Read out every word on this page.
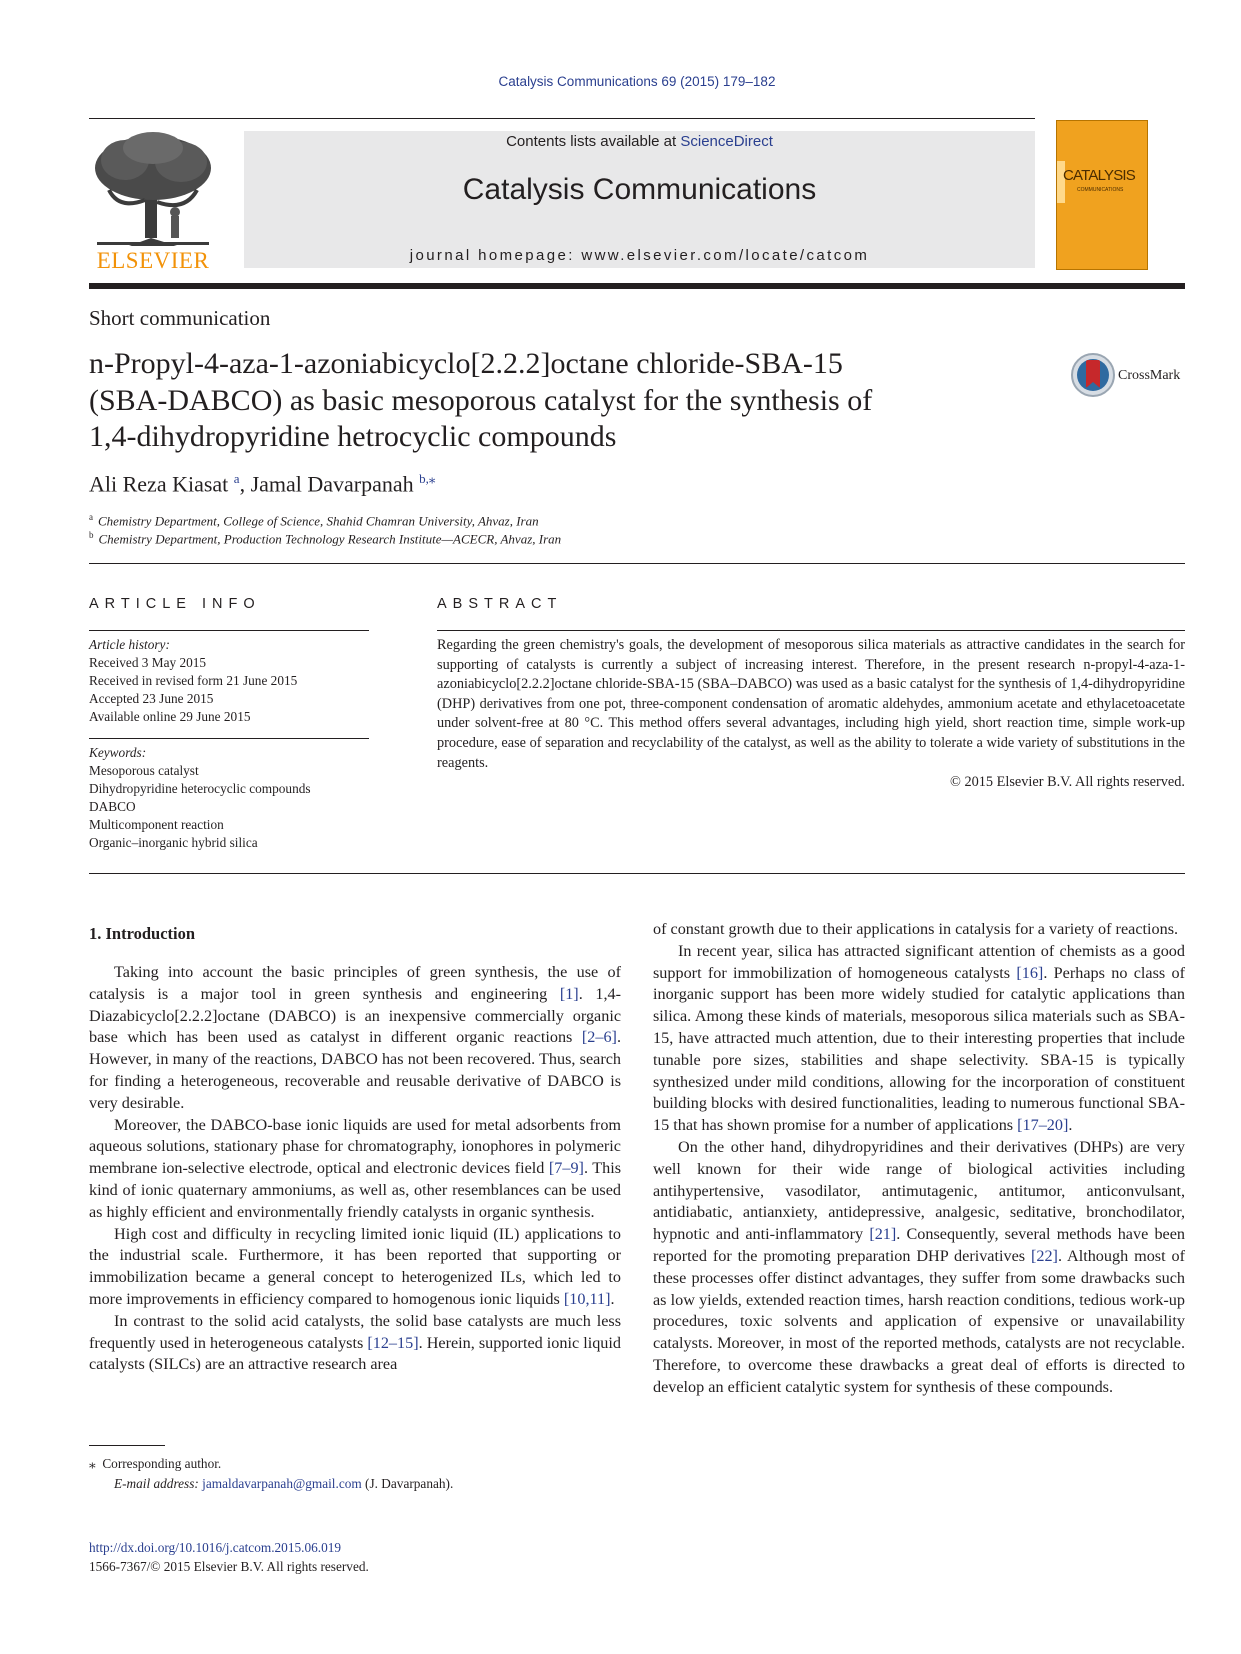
Catalysis Communications 69 (2015) 179–182
ELSEVIER
Contents lists available at ScienceDirect
Catalysis Communications
journal homepage: www.elsevier.com/locate/catcom
CATALYSIS
COMMUNICATIONS
Short communication
n-Propyl-4-aza-1-azoniabicyclo[2.2.2]octane chloride-SBA-15
(SBA-DABCO) as basic mesoporous catalyst for the synthesis of
1,4-dihydropyridine hetrocyclic compounds
CrossMark
Ali Reza Kiasat $^a$, Jamal Davarpanah $^{b,⁎}$
$^a$ Chemistry Department, College of Science, Shahid Chamran University, Ahvaz, Iran
$^b$ Chemistry Department, Production Technology Research Institute—ACECR, Ahvaz, Iran
ARTICLE INFO
Article history:
Received 3 May 2015
Received in revised form 21 June 2015
Accepted 23 June 2015
Available online 29 June 2015
Keywords:
Mesoporous catalyst
Dihydropyridine heterocyclic compounds
DABCO
Multicomponent reaction
Organic–inorganic hybrid silica
ABSTRACT
Regarding the green chemistry's goals, the development of mesoporous silica materials as attractive candidates in the search for supporting of catalysts is currently a subject of increasing interest. Therefore, in the present research n-propyl-4-aza-1-azoniabicyclo[2.2.2]octane chloride-SBA-15 (SBA–DABCO) was used as a basic catalyst for the synthesis of 1,4-dihydropyridine (DHP) derivatives from one pot, three-component condensation of aromatic aldehydes, ammonium acetate and ethylacetoacetate under solvent-free at 80 °C. This method offers several advantages, including high yield, short reaction time, simple work-up procedure, ease of separation and recyclability of the catalyst, as well as the ability to tolerate a wide variety of substitutions in the reagents.
© 2015 Elsevier B.V. All rights reserved.
1. Introduction

Taking into account the basic principles of green synthesis, the use of catalysis is a major tool in green synthesis and engineering [1]. 1,4-Diazabicyclo[2.2.2]octane (DABCO) is an inexpensive commercially organic base which has been used as catalyst in different organic reactions [2–6]. However, in many of the reactions, DABCO has not been recovered. Thus, search for finding a heterogeneous, recoverable and reusable derivative of DABCO is very desirable.

Moreover, the DABCO-base ionic liquids are used for metal adsorbents from aqueous solutions, stationary phase for chromatography, ionophores in polymeric membrane ion-selective electrode, optical and electronic devices field [7–9]. This kind of ionic quaternary ammoniums, as well as, other resemblances can be used as highly efficient and environmentally friendly catalysts in organic synthesis.

High cost and difficulty in recycling limited ionic liquid (IL) applications to the industrial scale. Furthermore, it has been reported that supporting or immobilization became a general concept to heterogenized ILs, which led to more improvements in efficiency compared to homogenous ionic liquids [10,11].

In contrast to the solid acid catalysts, the solid base catalysts are much less frequently used in heterogeneous catalysts [12–15]. Herein, supported ionic liquid catalysts (SILCs) are an attractive research area

of constant growth due to their applications in catalysis for a variety of reactions.

In recent year, silica has attracted significant attention of chemists as a good support for immobilization of homogeneous catalysts [16]. Perhaps no class of inorganic support has been more widely studied for catalytic applications than silica. Among these kinds of materials, mesoporous silica materials such as SBA-15, have attracted much attention, due to their interesting properties that include tunable pore sizes, stabilities and shape selectivity. SBA-15 is typically synthesized under mild conditions, allowing for the incorporation of constituent building blocks with desired functionalities, leading to numerous functional SBA-15 that has shown promise for a number of applications [17–20].

On the other hand, dihydropyridines and their derivatives (DHPs) are very well known for their wide range of biological activities including antihypertensive, vasodilator, antimutagenic, antitumor, anticonvulsant, antidiabatic, antianxiety, antidepressive, analgesic, seditative, bronchodilator, hypnotic and anti-inflammatory [21]. Consequently, several methods have been reported for the promoting preparation DHP derivatives [22]. Although most of these processes offer distinct advantages, they suffer from some drawbacks such as low yields, extended reaction times, harsh reaction conditions, tedious work-up procedures, toxic solvents and application of expensive or unavailability catalysts. Moreover, in most of the reported methods, catalysts are not recyclable. Therefore, to overcome these drawbacks a great deal of efforts is directed to develop an efficient catalytic system for synthesis of these compounds.

⁎ Corresponding author.
E-mail address: jamaldavarpanah@gmail.com (J. Davarpanah).
http://dx.doi.org/10.1016/j.catcom.2015.06.019
1566-7367/© 2015 Elsevier B.V. All rights reserved.
